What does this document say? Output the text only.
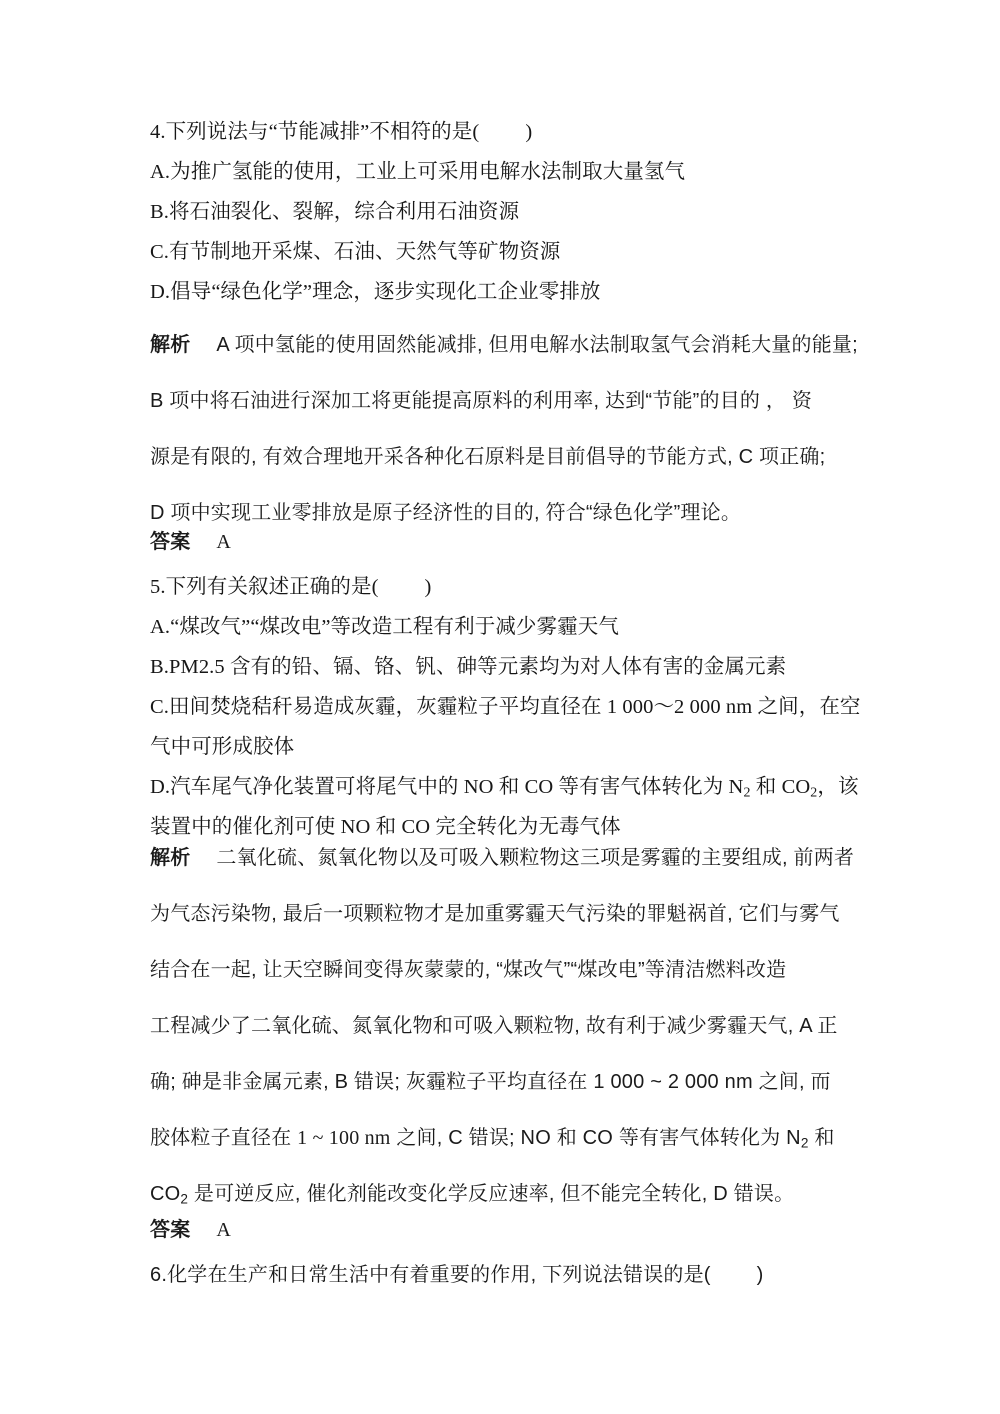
4.下列说法与“节能减排”不相符的是( )
A.为推广氢能的使用，工业上可采用电解水法制取大量氢气
B.将石油裂化、裂解，综合利用石油资源
C.有节制地开采煤、石油、天然气等矿物资源
D.倡导“绿色化学”理念，逐步实现化工企业零排放
解析 A 项中氢能的使用固然能减排, 但用电解水法制取氢气会消耗大量的能量;
B 项中将石油进行深加工将更能提高原料的利用率, 达到“节能”的目的 ， 资
源是有限的, 有效合理地开采各种化石原料是目前倡导的节能方式, C 项正确;
D 项中实现工业零排放是原子经济性的目的, 符合“绿色化学”理论。
答案 A
5.下列有关叙述正确的是( )
A.“煤改气”“煤改电”等改造工程有利于减少雾霾天气
B.PM2.5 含有的铅、镉、铬、钒、砷等元素均为对人体有害的金属元素
C.田间焚烧秸秆易造成灰霾，灰霾粒子平均直径在 1 000～2 000 nm 之间，在空
气中可形成胶体
D.汽车尾气净化装置可将尾气中的 NO 和 CO 等有害气体转化为 $N_2$ 和 $CO_2$，该
装置中的催化剂可使 NO 和 CO 完全转化为无毒气体
解析 二氧化硫、氮氧化物以及可吸入颗粒物这三项是雾霾的主要组成, 前两者
为气态污染物, 最后一项颗粒物才是加重雾霾天气污染的罪魁祸首, 它们与雾气
结合在一起, 让天空瞬间变得灰蒙蒙的, “煤改气”“煤改电”等清洁燃料改造
工程减少了二氧化硫、氮氧化物和可吸入颗粒物, 故有利于减少雾霾天气, A 正
确; 砷是非金属元素, B 错误; 灰霾粒子平均直径在 1 000 ~ 2 000 nm 之间, 而
胶体粒子直径在 1 ~ 100 nm 之间, C 错误; NO 和 CO 等有害气体转化为 $N_2$ 和
$CO_2$ 是可逆反应, 催化剂能改变化学反应速率, 但不能完全转化, D 错误。
答案 A
6.化学在生产和日常生活中有着重要的作用, 下列说法错误的是( )
